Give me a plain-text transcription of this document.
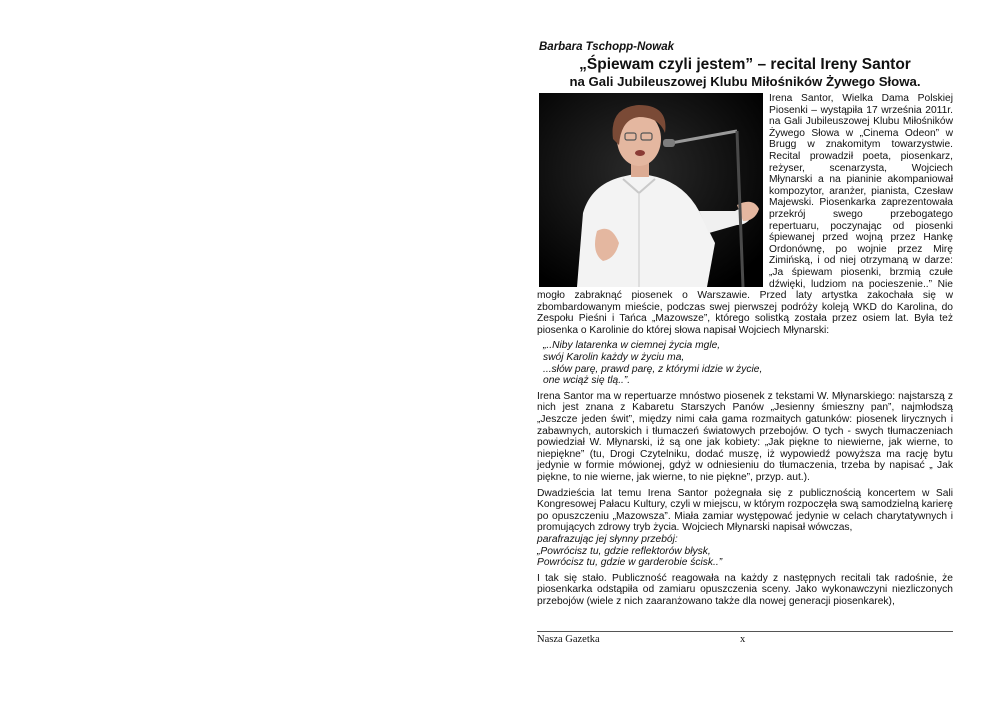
Barbara Tschopp-Nowak
„Śpiewam czyli jestem” – recital Ireny Santor
na Gali Jubileuszowej Klubu Miłośników Żywego Słowa.
Irena Santor, Wielka Dama Polskiej Piosenki – wystąpiła 17 września 2011r. na Gali Jubileuszowej Klubu Miłośników Żywego Słowa w „Cinema Odeon” w Brugg w znakomitym towarzystwie. Recital prowadził poeta, piosenkarz, reżyser, scenarzysta, Wojciech Młynarski a na pianinie akompaniował kompozytor, aranżer, pianista, Czesław Majewski. Piosenkarka zaprezentowała przekrój swego przebogatego repertuaru, poczynając od piosenki śpiewanej przed wojną przez Hankę Ordonównę, po wojnie przez Mirę Zimińską, i od niej otrzymaną w darze: „Ja śpiewam piosenki, brzmią czułe dźwięki, ludziom na pocieszenie..” Nie mogło zabraknąć piosenek o Warszawie. Przed laty artystka zakochała się w zbombardowanym mieście, podczas swej pierwszej podróży koleją WKD do Karolina, do Zespołu Pieśni i Tańca „Mazowsze”, którego solistką została przez osiem lat. Była też piosenka o Karolinie do której słowa napisał Wojciech Młynarski:
„..Niby latarenka w ciemnej życia mgle,
swój Karolin każdy w życiu ma,
...słów parę, prawd parę, z którymi idzie w życie,
one wciąż się tlą..”.
Irena Santor ma w repertuarze mnóstwo piosenek z tekstami W. Młynarskiego: najstarszą z nich jest znana z Kabaretu Starszych Panów „Jesienny śmieszny pan”, najmłodszą „Jeszcze jeden świt”, między nimi cała gama rozmaitych gatunków: piosenek lirycznych i zabawnych, autorskich i tłumaczeń światowych przebojów. O tych - swych tłumaczeniach powiedział W. Młynarski, iż są one jak kobiety: „Jak piękne to niewierne, jak wierne, to niepiękne” (tu, Drogi Czytelniku, dodać muszę, iż wypowiedź powyższa ma rację bytu jedynie w formie mówionej, gdyż w odniesieniu do tłumaczenia, trzeba by napisać „ Jak piękne, to nie wierne, jak wierne, to nie piękne”, przyp. aut.).
Dwadzieścia lat temu Irena Santor pożegnała się z publicznością koncertem w Sali Kongresowej Pałacu Kultury, czyli w miejscu, w którym rozpoczęła swą samodzielną karierę po opuszczeniu „Mazowsza”. Miała zamiar występować jedynie w celach charytatywnych i promujących zdrowy tryb życia. Wojciech Młynarski napisał wówczas,
parafrazując jej słynny przebój:
„Powrócisz tu, gdzie reflektorów błysk,
Powrócisz tu, gdzie w garderobie ścisk..”
I tak się stało. Publiczność reagowała na każdy z następnych recitali tak radośnie, że piosenkarka odstąpiła od zamiaru opuszczenia sceny. Jako wykonawczyni niezliczonych przebojów (wiele z nich zaaranżowano także dla nowej generacji piosenkarek),
Nasza Gazetka	x
